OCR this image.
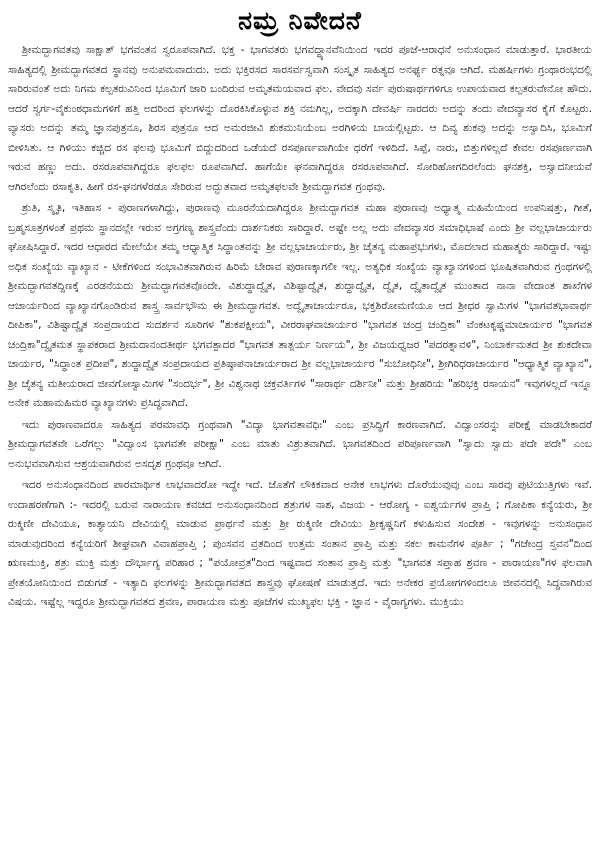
ನಮ್ರ ನಿವೇದನೆ

ಶ್ರೀಮದ್ಭಾಗವತವು ಸಾಕ್ಷಾತ್ ಭಗವಂತನ ಸ್ವರೂಪವಾಗಿದೆ. ಭಕ್ತ - ಭಾಗವತರು ಭಗವದ್ಧ್ಯಾನವೆನಿಯಿಂದ ಇದರ ಪೂಜೆ-ಆರಾಧನೆ ಅನುಸಂಧಾನ ಮಾಡುತ್ತಾರೆ. ಭಾರತೀಯ ಸಾಹಿತ್ಯದಲ್ಲಿ ಶ್ರೀಮದ್ಭಾಗವತದ ಸ್ಥಾನವು ಅನುಪಮವಾದುದು. ಅದು ಭಕ್ತಿರಸದ ಸಾರಸರ್ವಸ್ವವಾಗಿ ಸಂಸ್ಕೃತ ಸಾಹಿತ್ಯದ ಅನರ್ಘ್ಯ ರತ್ನವೂ ಆಗಿದೆ. ಮಹರ್ಷಿಗಳು ಗ್ರಂಥಾರಂಭದಲ್ಲಿ ಸಾರಿರುವಂತೆ ಅದು ನಿಗಮ ಕಲ್ಪತರುವಿನಿಂದ ಭೂಮಿಗೆ ಜಾರಿ ಬಂದಿರುವ ಅಮೃತಮಯವಾದ ಫಲ. ವೇದವು ಸರ್ವ ಪುರುಷಾರ್ಥಗಳಿಗೂ ಉಪಾಯವಾದ ಕಲ್ಪತರುವೇನೋ ಹೌದು. ಆದರೆ ಸ್ವರ್ಗ-ವೈಕುಂಠಧಾಮಗಳಿಗೆ ಹತ್ತಿ ಅದರಿಂದ ಫಲಗಳನ್ನು ದೊರಕಿಸಿಕೊಳ್ಳುವ ಶಕ್ತಿ ನಮಗಿಲ್ಲ, ಅದಕ್ಕಾಗಿ ದೇವರ್ಷಿ ನಾರದರು ಅದನ್ನು ತಂದು ವೇದವ್ಯಾಸರ ಕೈಗೆ ಕೊಟ್ಟರು. ವ್ಯಾಸರು ಅದನ್ನು ತಮ್ಮ ಜ್ಞಾನಪುತ್ರನೂ, ಶಿರಸ ಪುತ್ರನೂ ಆದ ಅಮರಜೀವಿ ಶುಕಮುನಿಯೆಂಬ ಅರಗಿಳಿಯ ಬಾಯಲ್ಲಿಟ್ಟರು. ಆ ದಿವ್ಯ ಶುಕವು ಅದನ್ನು ಅಸ್ವಾದಿಸಿ, ಭೂಮಿಗೆ ಬೀಳಿಸಿತು. ಆ ಗಿಳಿಯು ಕಚ್ಚಿದ ರಸ ಫಲವು ಭೂಮಿಗೆ ಬಿದ್ದುದರಿಂದ ಒಡೆಯದೆ ರಸಪೂರ್ಣವಾಗಿಯೇ ಧರೆಗೆ ಇಳಿದಿದೆ. ಸಿಪ್ಪೆ, ನಾರು, ಬಿತ್ತುಗಳಿಲ್ಲದೆ ಕೇವಲ ರಸಪೂರ್ಣವಾಗಿ ಇರುವ ಹಣ್ಣು ಅದು. ರಸರೂಪವಾಗಿದ್ದರೂ ಫಲಫಲ ರೂಪವಾಗಿದೆ. ಹಾಗೆಯೇ ಘನವಾಗಿದ್ದರೂ ರಸರೂಪವಾಗಿದೆ. ಸೋರಿಹೋಗದಿರಲೆಂದು ಘನಶಕ್ತಿ, ಅಸ್ವಾದನೀಯವೆ ಆಗಿರಲೆಂದು ರಸಾಕೃತಿ. ಹೀಗೆ ರಸ-ಘನಗಳೆರಡೂ ಸೇರಿರುವ ಅದ್ಭುತವಾದ ಅಮೃತಫಲವೇ ಶ್ರೀಮದ್ಭಾಗವತ ಗ್ರಂಥವು.

ಶ್ರುತಿ, ಸ್ಮೃತಿ, ಇತಿಹಾಸ - ಪುರಾಣಗಳಾಗಿದ್ದು, ಪುರಾಣವು ಮೂರನೆಯದಾಗಿದ್ದರೂ ಶ್ರೀಮದ್ಭಾಗವತ ಮಹಾ ಪುರಾಣವು ಅಧ್ಯಾತ್ಮ ಮಹಿಮೆಯಿಂದ ಉಪನಿಷತ್ತು, ಗೀತೆ, ಬ್ರಹ್ಮಸೂತ್ರಗಳಂತೆ ಪ್ರಥಮ ಸ್ಥಾನದಲ್ಲೇ ಇರುವ ಅಗ್ರಗಣ್ಯ ಶಾಸ್ತ್ರವೆಂದು ದಾರ್ಶನಿಕರು ಸಾರಿದ್ದಾರೆ. ಅಷ್ಟೇ ಅಲ್ಲ ಅದು ವೇದವ್ಯಾಸರ ಸಮಾಧಿಭಾಷೆ ಎಂದು ಶ್ರೀ ವಲ್ಲಭಾಚಾರ್ಯರು ಘೋಷಿಸಿದ್ದಾರೆ. ಇದರ ಆಧಾರದ ಮೇಲೆಯೇ ತಮ್ಮ ಆಧ್ಯಾತ್ಮಿಕ ಸಿದ್ಧಾಂತವನ್ನು ಶ್ರೀ ವಲ್ಲಭಾಚಾರ್ಯರು, ಶ್ರೀ ಚೈತನ್ಯ ಮಹಾಪ್ರಭುಗಳು, ಮೊದಲಾದ ಮಹಾತ್ಮರು ಸಾರಿದ್ದಾರೆ. ಇಷ್ಟು ಅಧಿಕ ಸಂಖ್ಯೆಯ ವ್ಯಾಖ್ಯಾನ - ಟೀಕೆಗಳಿಂದ ಸಂಭಾವಿತವಾಗಿರುವ ಹಿರಿಮೆ ಬೇರಾವ ಪುರಾಣಕ್ಕಾಗಲೀ ಇಲ್ಲ. ಅತ್ಯಧಿಕ ಸಂಖ್ಯೆಯ ವ್ಯಾಖ್ಯಾನಗಳಿಂದ ಭೂಷಿತವಾಗಿರುವ ಗ್ರಂಥಗಳಲ್ಲಿ ಶ್ರೀಮದ್ಭಾಗವತದ್ದಿಣಕ್ಕೆ ಎರಡನೆಯದು ಶ್ರೀಮದ್ಭಾಗವತವೊಂದೇ. ವಿಶುದ್ಧಾದ್ವೈತ, ವಿಶಿಷ್ಟಾದ್ವೈತ, ಶುದ್ಧಾದ್ವೈತ, ದ್ವೈತ, ದ್ವೈತಾದ್ವೈತ ಮುಂತಾದ ನಾನಾ ವೇದಾಂತ ಶಾಖೆಗಳ ಆಚಾರ್ಯರಿಂದ ವ್ಯಾಖ್ಯಾನಗೊಂಡಿರುವ ಶಾಸ್ತ್ರ ಸಾರ್ವಭೌಮ ಈ ಶ್ರೀಮದ್ಭಾಗವತ. ಅದ್ವೈತಾಚಾರ್ಯರೂ, ಭಕ್ತಶಿರೋಮಣಿಯೂ ಆದ ಶ್ರೀಧರ ಸ್ವಾಮಿಗಳ "ಭಾಗವತಭಾವಾರ್ಥ ದೀಪಿಕಾ", ವಿಶಿಷ್ಟಾದ್ವೈತ ಸಂಪ್ರದಾಯದ ಸುದರ್ಶನ ಸೂರಿಗಳ "ಶುಕಪಕ್ಷೀಯ", ವೀರರಾಘವಾಚಾರ್ಯರ "ಭಾಗವತ ಚಂದ್ರ ಚಂದ್ರಿಕಾ" ವೆಂಕಟಕೃಷ್ಣಮಾಚಾರ್ಯರ "ಭಾಗವತ ಚಂದ್ರಿಕಾ"ದ್ವೈತಮತ ಸ್ಥಾಪಕರಾದ ಶ್ರೀಮದಾನಂದತೀರ್ಥ ಭಗವತ್ಪಾದರ "ಭಾಗವತ ತಾತ್ಪರ್ಯ ನಿರ್ಣಯ", ಶ್ರೀ ವಿಜಯಧ್ವಜರ "ಪದರತ್ನಾವಳಿ", ನಿಂಬಾರ್ಕಮತದ ಶ್ರೀ ಶುಕದೇವಾ ಚಾರ್ಯರ, "ಸಿದ್ಧಾಂತ ಪ್ರದೀಪ", ಶುದ್ಧಾದ್ವೈತ ಸಂಪ್ರದಾಯದ ಪ್ರತಿಷ್ಠಾಪನಾಚಾರ್ಯರಾದ ಶ್ರೀ ವಲ್ಲಭಾಚಾರ್ಯರ "ಸುಬೋಧಿನೀ", ಶ್ರೀಗಿರಿಧರಾಚಾರ್ಯರ "ಆಧ್ಯಾತ್ಮಿಕ ವ್ಯಾಖ್ಯಾನ", ಶ್ರೀ ಚೈತನ್ಯ ಮತೀಯರಾದ ಜೀವಗೋಸ್ವಾಮಿಗಳ "ಸಂದರ್ಭ", ಶ್ರೀ ವಿಶ್ವನಾಥ ಚಕ್ರವರ್ತಿಗಳ "ಸಾರಾರ್ಥ ದರ್ಶಿನೀ" ಮತ್ತು ಶ್ರೀಹರಿಯ "ಹರಿಭಕ್ತಿ ರಸಾಯನ" ಇವುಗಳಲ್ಲದೆ ಇನ್ನೂ ಅನೇಕ ಮಹಾಮಹಿಮರ ವ್ಯಾಖ್ಯಾನಗಳು ಪ್ರಸಿದ್ಧವಾಗಿದೆ.

ಇದು ಪುರಾಣವಾದರೂ ಸಾಹಿತ್ಯದ ಪರಮಾವಧಿ ಗ್ರಂಥವಾಗಿ "ವಿದ್ಯಾ ಭಾಗವತಾವಧಿಃ" ಎಂಬ ಪ್ರಸಿದ್ಧಿಗೆ ಕಾರಣವಾಗಿದೆ. ವಿದ್ವಾಂಸರನ್ನು ಪರೀಕ್ಷೆ ಮಾಡಬೇಕಾದರೆ ಶ್ರೀಮದ್ಭಾಗವತವೇ ಒರೆಗಲ್ಲು "ವಿದ್ವಾಂಸ ಭಾಗವತೇ ಪರೀಕ್ಷಾ" ಎಂಬ ಮಾತು ವಿಶ್ರುತವಾಗಿದೆ. ಭಾಗವತದಿಂದ ಪರಿಪೂರ್ಣವಾಗಿ "ಸ್ವಾದು ಸ್ವಾದು ಪದೇ ಪದೇ" ಎಂಬ ಅನುಭವವಾಗಿಸುವ ಆಶ್ರಯವಾಗಿರುವ ಅಸದೃಶ ಗ್ರಂಥವೂ ಆಗಿದೆ.

ಇದರ ಅನುಸಂಧಾನದಿಂದ ಪಾರಮಾರ್ಥಿಕ ಲಾಭವಾದರೋ ಇದ್ದೇ ಇದೆ. ಜೊತೆಗೆ ಲೌಕಿಕವಾದ ಅನೇಕ ಲಾಭಗಳು ದೊರೆಯುವುವು ಎಂಬ ಸಾರವು ಪುಟಿಯುತ್ತಿಗಳು ಇವೆ. ಉದಾಹರಣೆಗಾಗಿ :- ಇದರಲ್ಲಿ ಬರುವ ನಾರಾಯಣ ಕವಚದ ಅನುಸಂಧಾನದಿಂದ ಶತ್ರುಗಳ ನಾಶ, ವಿಜಯ - ಆರೋಗ್ಯ - ಐಶ್ವರ್ಯಗಳ ಪ್ರಾಪ್ತಿ ; ಗೋಪಿಕಾ ಕನ್ಯೆಯರು, ಶ್ರೀ ರುಕ್ಮಿಣೀ ದೇವಿಯೂ, ಕಾತ್ಯಾಯನಿ ದೇವಿಯಲ್ಲಿ ಮಾಡುವ ಪ್ರಾರ್ಥನೆ ಮತ್ತು ಶ್ರೀ ರುಕ್ಮಿಣೀ ದೇವಿಯು ಶ್ರೀಕೃಷ್ಣನಿಗೆ ಕಳುಹಿಸುವ ಸಂದೇಶ - ಇವುಗಳನ್ನು ಅನುಸಂಧಾನ ಮಾಡುವುದರಿಂದ ಕನ್ಯೆಯರಿಗೆ ಶೀಘ್ರವಾಗಿ ವಿವಾಹಪ್ರಾಪ್ತಿ ; ಪುಂಸವನ ವ್ರತದಿಂದ ಉತ್ತಮ ಸಂತಾನ ಪ್ರಾಪ್ತಿ ಮತ್ತು ಸಕಲ ಕಾಮನೆಗಳ ಪೂರ್ತಿ ; "ಗಜೇಂದ್ರ ಸ್ತವನ"ದಿಂದ ಋಣಮುಕ್ತಿ, ಶತ್ರು ಮುಕ್ತಿ ಮತ್ತು ದೌರ್ಭಾಗ್ಯ ಪರಿಹಾರ ; "ಪಯೋವ್ರತ"ದಿಂದ ಇಷ್ಟವಾದ ಸಂತಾನ ಪ್ರಾಪ್ತಿ ಮತ್ತು "ಭಾಗವತ ಸಪ್ತಾಹ ಶ್ರವಣ - ಪಾರಾಯಣ"ಗಳ ಫಲವಾಗಿ ಪ್ರೇತಯೋನಿಯಿಂದ ಬಿಡುಗಡೆ - ಇತ್ಯಾದಿ ಫಲಗಳನ್ನು ಶ್ರೀಮದ್ಭಾಗವತದ ಶಾಸ್ತ್ರವು ಘೋಷಣೆ ಮಾಡುತ್ತದೆ. ಇದು ಅನೇಕರ ಪ್ರಯೋಗಗಳಿಂದಲೂ ಜೀವನದಲ್ಲಿ ಸಿದ್ಧವಾಗಿರುವ ವಿಷಯ. ಇಷ್ಟೆಲ್ಲ ಇದ್ದರೂ ಶ್ರೀಮದ್ಭಾಗವತದ ಶ್ರವಣ, ಪಾರಾಯಣ ಮತ್ತು ಪೂಜೆಗಳ ಮುಖ್ಯಫಲ ಭಕ್ತಿ - ಜ್ಞಾನ - ವೈರಾಗ್ಯಗಳು. ಮುಕ್ತಿಯು
